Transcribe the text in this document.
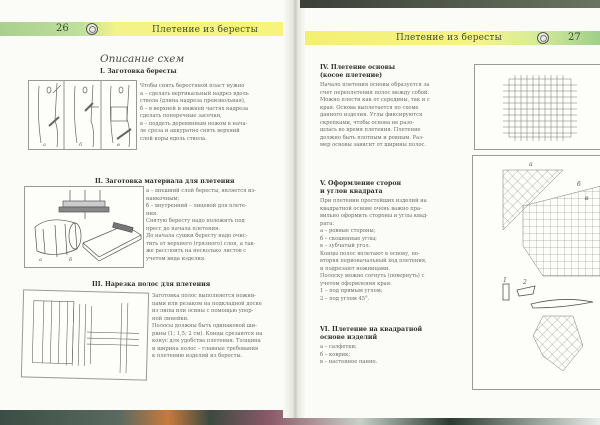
26	Плетение из бересты
Описание схем
I. Заготовка бересты
а	б	в
Чтобы снять берестяной пласт нужно
а – сделать вертикальный надрез вдоль
ствола (длина надреза произвольная),
б – в верхней и нижней частях надреза
сделать поперечные засечки,
в – поддеть деревянным ножом в нача-
ле среза и аккуратно снять верхний
слой коры вдоль ствола.
II. Заготовка материала для плетения
а	б
а – внешний слой бересты, является из-
нанкочным;
б – внутренний – лицевой для плете-
ния.
Снятую бересту надо положить под
пресс до начала плетения.
До начала сушки бересту надо очис-
тить от верхнего (грязного) слоя, а так-
же расслоить на несколько листов с
учетом вида изделия.
III. Нарезка полос для плетения
Заготовка полос выполняется ножни-
цами или резаком на подкладной доске
из липы или осины с помощью упор-
ной линейки.
Полосы должны быть одинаковой ши-
рины (1; 1,5; 2 см). Концы срезаются на
конус для удобства плетения. Толщина
и ширина полос – главные требования
к плетению изделий из бересты.
Плетение из бересты	27
IV. Плетение основы
(косое плетение)
Начало плетения основы образуется за
счет переплетения полос между собой.
Можно плести как от середины, так и с
края. Основа выплетается по схеме
данного изделия. Углы фиксируются
скрепками, чтобы основа не разо-
шлась во время плетения. Плетение
должно быть плотным и ровным. Раз-
мер основы зависит от ширины полос.
V. Оформление сторон
и углов квадрата
При плетении простейших изделий на
квадратной основе очень важно пра-
вильно оформить стороны и углы квад-
рата:
а – ровные стороны;
б – скошенные углы;
в – зубчатый угол.
Концы полос вплетают в основу, по-
вторяя первоначальный ход плетения,
и подрезают ножницами.
Полоску можно согнуть (повернуть) с
учетом оформления края:
1 – под прямым углом;
2 – под углом 45°.
VI. Плетение на квадратной
основе изделий
а – салфетки;
б – коврик;
в – настенное панно.
а
б
в
1	2
